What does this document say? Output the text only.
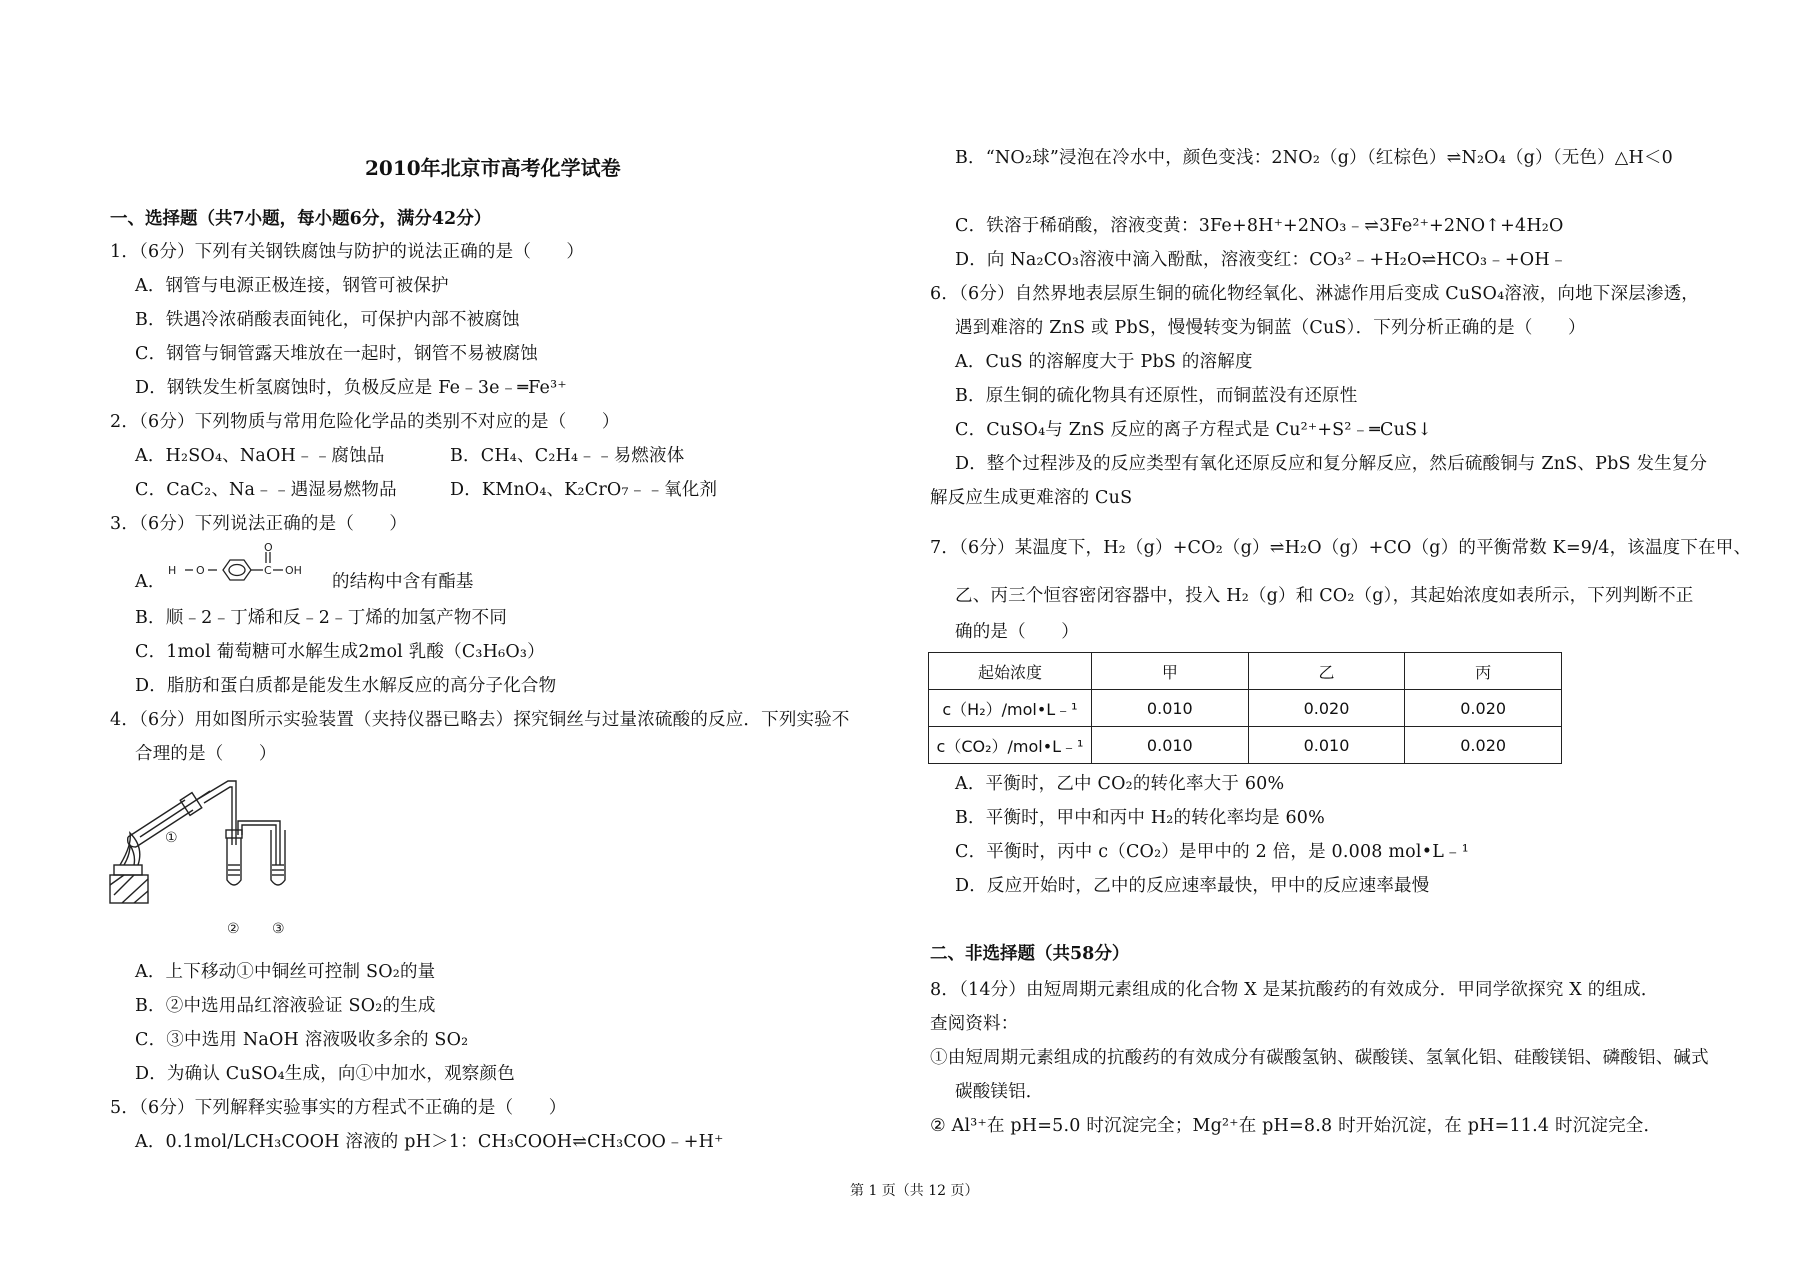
2010年北京市高考化学试卷
一、选择题（共7小题，每小题6分，满分42分）
1．（6分）下列有关钢铁腐蚀与防护的说法正确的是（　　）
A．钢管与电源正极连接，钢管可被保护
B．铁遇冷浓硝酸表面钝化，可保护内部不被腐蚀
C．钢管与铜管露天堆放在一起时，钢管不易被腐蚀
D．钢铁发生析氢腐蚀时，负极反应是 Fe﹣3e﹣═Fe³⁺
2．（6分）下列物质与常用危险化学品的类别不对应的是（　　）
A．H₂SO₄、NaOH﹣﹣腐蚀品	B．CH₄、C₂H₄﹣﹣易燃液体
C．CaC₂、Na﹣﹣遇湿易燃物品	D．KMnO₄、K₂CrO₇﹣﹣氧化剂
3．（6分）下列说法正确的是（　　）
A．
H O	C
O
OH
的结构中含有酯基
B．顺﹣2﹣丁烯和反﹣2﹣丁烯的加氢产物不同
C．1mol 葡萄糖可水解生成2mol 乳酸（C₃H₆O₃）
D．脂肪和蛋白质都是能发生水解反应的高分子化合物
4．（6分）用如图所示实验装置（夹持仪器已略去）探究铜丝与过量浓硫酸的反应．下列实验不
合理的是（　　）
①
② ③
A．上下移动①中铜丝可控制 SO₂的量
B．②中选用品红溶液验证 SO₂的生成
C．③中选用 NaOH 溶液吸收多余的 SO₂
D．为确认 CuSO₄生成，向①中加水，观察颜色
5．（6分）下列解释实验事实的方程式不正确的是（　　）
A．0.1mol/LCH₃COOH 溶液的 pH＞1：CH₃COOH⇌CH₃COO﹣+H⁺
B．“NO₂球”浸泡在冷水中，颜色变浅：2NO₂（g）（红棕色）⇌N₂O₄（g）（无色）△H＜0
C．铁溶于稀硝酸，溶液变黄：3Fe+8H⁺+2NO₃﹣⇌3Fe²⁺+2NO↑+4H₂O
D．向 Na₂CO₃溶液中滴入酚酞，溶液变红：CO₃²﹣+H₂O⇌HCO₃﹣+OH﹣
6．（6分）自然界地表层原生铜的硫化物经氧化、淋滤作用后变成 CuSO₄溶液，向地下深层渗透，
遇到难溶的 ZnS 或 PbS，慢慢转变为铜蓝（CuS）．下列分析正确的是（　　）
A．CuS 的溶解度大于 PbS 的溶解度
B．原生铜的硫化物具有还原性，而铜蓝没有还原性
C．CuSO₄与 ZnS 反应的离子方程式是 Cu²⁺+S²﹣═CuS↓
D．整个过程涉及的反应类型有氧化还原反应和复分解反应，然后硫酸铜与 ZnS、PbS 发生复分
解反应生成更难溶的 CuS
7．（6分）某温度下，H₂（g）+CO₂（g）⇌H₂O（g）+CO（g）的平衡常数 K=9/4，该温度下在甲、
乙、丙三个恒容密闭容器中，投入 H₂（g）和 CO₂（g），其起始浓度如表所示，下列判断不正
确的是（　　）
起始浓度	甲	乙	丙
c（H₂）/mol•L﹣¹	0.010	0.020	0.020
c（CO₂）/mol•L﹣¹	0.010	0.010	0.020
A．平衡时，乙中 CO₂的转化率大于 60%
B．平衡时，甲中和丙中 H₂的转化率均是 60%
C．平衡时，丙中 c（CO₂）是甲中的 2 倍，是 0.008 mol•L﹣¹
D．反应开始时，乙中的反应速率最快，甲中的反应速率最慢
二、非选择题（共58分）
8．（14分）由短周期元素组成的化合物 X 是某抗酸药的有效成分．甲同学欲探究 X 的组成．
查阅资料：
①由短周期元素组成的抗酸药的有效成分有碳酸氢钠、碳酸镁、氢氧化铝、硅酸镁铝、磷酸铝、碱式
碳酸镁铝．
② Al³⁺在 pH=5.0 时沉淀完全；Mg²⁺在 pH=8.8 时开始沉淀，在 pH=11.4 时沉淀完全．
第 1 页（共 12 页）
